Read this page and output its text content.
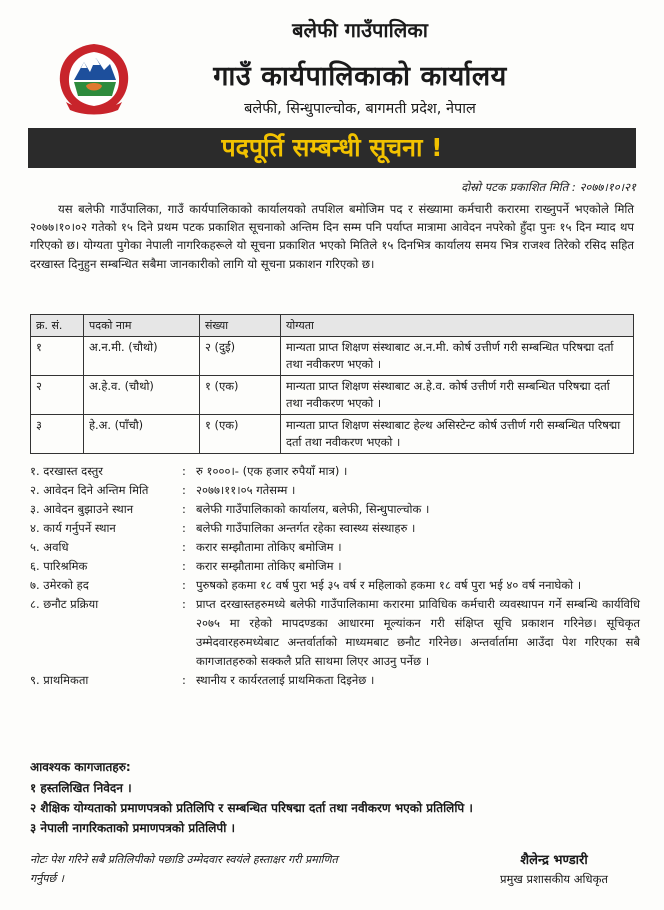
बलेफी गाउँपालिका
गाउँ कार्यपालिकाको कार्यालय
बलेफी, सिन्धुपाल्चोक, बागमती प्रदेश, नेपाल
पदपूर्ति सम्बन्धी सूचना !
दोस्रो पटक प्रकाशित मिति : २०७७।१०।२१
यस बलेफी गाउँपालिका, गाउँ कार्यपालिकाको कार्यालयको तपशिल बमोजिम पद र संख्यामा कर्मचारी करारमा राख्नुपर्ने भएकोले मिति २०७७।१०।०२ गतेको १५ दिने प्रथम पटक प्रकाशित सूचनाको अन्तिम दिन सम्म पनि पर्याप्त मात्रामा आवेदन नपरेको हुँदा पुनः १५ दिन म्याद थप गरिएको छ। योग्यता पुगेका नेपाली नागरिकहरूले यो सूचना प्रकाशित भएको मितिले १५ दिनभित्र कार्यालय समय भित्र राजश्व तिरेको रसिद सहित दरखास्त दिनुहुन सम्बन्धित सबैमा जानकारीको लागि यो सूचना प्रकाशन गरिएको छ।
क्र. सं.	पदको नाम	संख्या	योग्यता
१	अ.न.मी. (चौथो)	२ (दुई)	मान्यता प्राप्त शिक्षण संस्थाबाट अ.न.मी. कोर्ष उत्तीर्ण गरी सम्बन्धित परिषद्मा दर्ता तथा नवीकरण भएको ।
२	अ.हे.व. (चौथो)	१ (एक)	मान्यता प्राप्त शिक्षण संस्थाबाट अ.हे.व. कोर्ष उत्तीर्ण गरी सम्बन्धित परिषद्मा दर्ता तथा नवीकरण भएको ।
३	हे.अ. (पाँचौ)	१ (एक)	मान्यता प्राप्त शिक्षण संस्थाबाट हेल्थ असिस्टेन्ट कोर्ष उत्तीर्ण गरी सम्बन्धित परिषद्मा दर्ता तथा नवीकरण भएको ।
१. दरखास्त दस्तुर	: रु १०००।- (एक हजार रुपैयाँ मात्र) ।
२. आवेदन दिने अन्तिम मिति	: २०७७।११।०५ गतेसम्म ।
३. आवेदन बुझाउने स्थान	: बलेफी गाउँपालिकाको कार्यालय, बलेफी, सिन्धुपाल्चोक ।
४. कार्य गर्नुपर्ने स्थान	: बलेफी गाउँपालिका अन्तर्गत रहेका स्वास्थ्य संस्थाहरु ।
५. अवधि	: करार सम्झौतामा तोकिए बमोजिम ।
६. पारिश्रमिक	: करार सम्झौतामा तोकिए बमोजिम ।
७. उमेरको हद	: पुरुषको हकमा १८ वर्ष पुरा भई ३५ वर्ष र महिलाको हकमा १८ वर्ष पुरा भई ४० वर्ष ननाघेको ।
८. छनौट प्रक्रिया	: प्राप्त दरखास्तहरुमध्ये बलेफी गाउँपालिकामा करारमा प्राविधिक कर्मचारी व्यवस्थापन गर्ने सम्बन्धि कार्यविधि २०७५ मा रहेको मापदण्डका आधारमा मूल्यांकन गरी संक्षिप्त सूचि प्रकाशन गरिनेछ। सूचिकृत उम्मेदवारहरुमध्येबाट अन्तर्वार्ताको माध्यमबाट छनौट गरिनेछ। अन्तर्वार्तामा आउँदा पेश गरिएका सबै कागजातहरुको सक्कलै प्रति साथमा लिएर आउनु पर्नेछ ।
९. प्राथमिकता	: स्थानीय र कार्यरतलाई प्राथमिकता दिइनेछ ।
आवश्यक कागजातहरु:
१ हस्तलिखित निवेदन ।
२ शैक्षिक योग्यताको प्रमाणपत्रको प्रतिलिपि र सम्बन्धित परिषद्मा दर्ता तथा नवीकरण भएको प्रतिलिपि ।
३ नेपाली नागरिकताको प्रमाणपत्रको प्रतिलिपी ।
नोटः पेश गरिने सबै प्रतिलिपीको पछाडि उम्मेदवार स्वयंले हस्ताक्षर गरी प्रमाणित गर्नुपर्छ ।
शैलेन्द्र भण्डारी
प्रमुख प्रशासकीय अधिकृत
